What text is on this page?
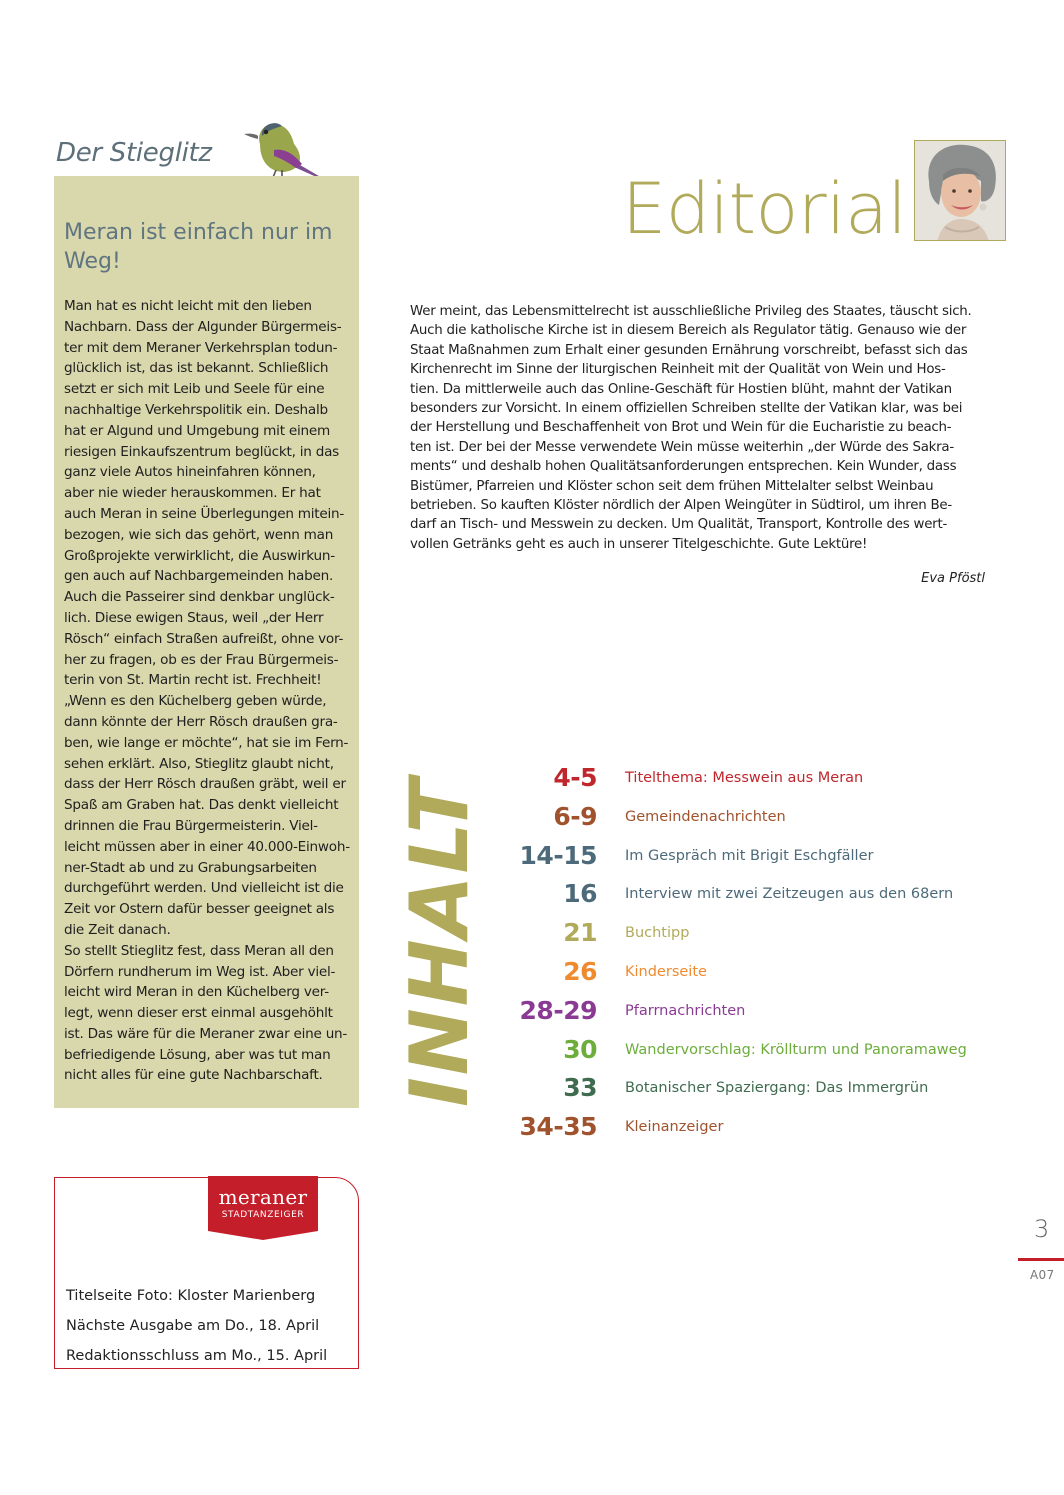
Der Stieglitz
Meran ist einfach nur im Weg!
Man hat es nicht leicht mit den lieben
Nachbarn. Dass der Algunder Bürgermeis-
ter mit dem Meraner Verkehrsplan todun-
glücklich ist, das ist bekannt. Schließlich
setzt er sich mit Leib und Seele für eine
nachhaltige Verkehrspolitik ein. Deshalb
hat er Algund und Umgebung mit einem
riesigen Einkaufszentrum beglückt, in das
ganz viele Autos hineinfahren können,
aber nie wieder herauskommen. Er hat
auch Meran in seine Überlegungen mitein-
bezogen, wie sich das gehört, wenn man
Großprojekte verwirklicht, die Auswirkun-
gen auch auf Nachbargemeinden haben.
Auch die Passeirer sind denkbar unglück-
lich. Diese ewigen Staus, weil „der Herr
Rösch“ einfach Straßen aufreißt, ohne vor-
her zu fragen, ob es der Frau Bürgermeis-
terin von St. Martin recht ist. Frechheit!
„Wenn es den Küchelberg geben würde,
dann könnte der Herr Rösch draußen gra-
ben, wie lange er möchte“, hat sie im Fern-
sehen erklärt. Also, Stieglitz glaubt nicht,
dass der Herr Rösch draußen gräbt, weil er
Spaß am Graben hat. Das denkt vielleicht
drinnen die Frau Bürgermeisterin. Viel-
leicht müssen aber in einer 40.000-Einwoh-
ner-Stadt ab und zu Grabungsarbeiten
durchgeführt werden. Und vielleicht ist die
Zeit vor Ostern dafür besser geeignet als
die Zeit danach.
So stellt Stieglitz fest, dass Meran all den
Dörfern rundherum im Weg ist. Aber viel-
leicht wird Meran in den Küchelberg ver-
legt, wenn dieser erst einmal ausgehöhlt
ist. Das wäre für die Meraner zwar eine un-
befriedigende Lösung, aber was tut man
nicht alles für eine gute Nachbarschaft.
meraner
STADTANZEIGER
Titelseite Foto: Kloster Marienberg
Nächste Ausgabe am Do., 18. April
Redaktionsschluss am Mo., 15. April
Editorial
Wer meint, das Lebensmittelrecht ist ausschließliche Privileg des Staates, täuscht sich.
Auch die katholische Kirche ist in diesem Bereich als Regulator tätig. Genauso wie der
Staat Maßnahmen zum Erhalt einer gesunden Ernährung vorschreibt, befasst sich das
Kirchenrecht im Sinne der liturgischen Reinheit mit der Qualität von Wein und Hos-
tien. Da mittlerweile auch das Online-Geschäft für Hostien blüht, mahnt der Vatikan
besonders zur Vorsicht. In einem offiziellen Schreiben stellte der Vatikan klar, was bei
der Herstellung und Beschaffenheit von Brot und Wein für die Eucharistie zu beach-
ten ist. Der bei der Messe verwendete Wein müsse weiterhin „der Würde des Sakra-
ments“ und deshalb hohen Qualitätsanforderungen entsprechen. Kein Wunder, dass
Bistümer, Pfarreien und Klöster schon seit dem frühen Mittelalter selbst Weinbau
betrieben. So kauften Klöster nördlich der Alpen Weingüter in Südtirol, um ihren Be-
darf an Tisch- und Messwein zu decken. Um Qualität, Transport, Kontrolle des wert-
vollen Getränks geht es auch in unserer Titelgeschichte. Gute Lektüre!
Eva Pföstl
INHALT	4-5 Titelthema: Messwein aus Meran
6-9 Gemeindenachrichten
14-15 Im Gespräch mit Brigit Eschgfäller
16 Interview mit zwei Zeitzeugen aus den 68ern
21 Buchtipp
26 Kinderseite
28-29 Pfarrnachrichten
30 Wandervorschlag: Kröllturm und Panoramaweg
33 Botanischer Spaziergang: Das Immergrün
34-35 Kleinanzeiger
3
A07
